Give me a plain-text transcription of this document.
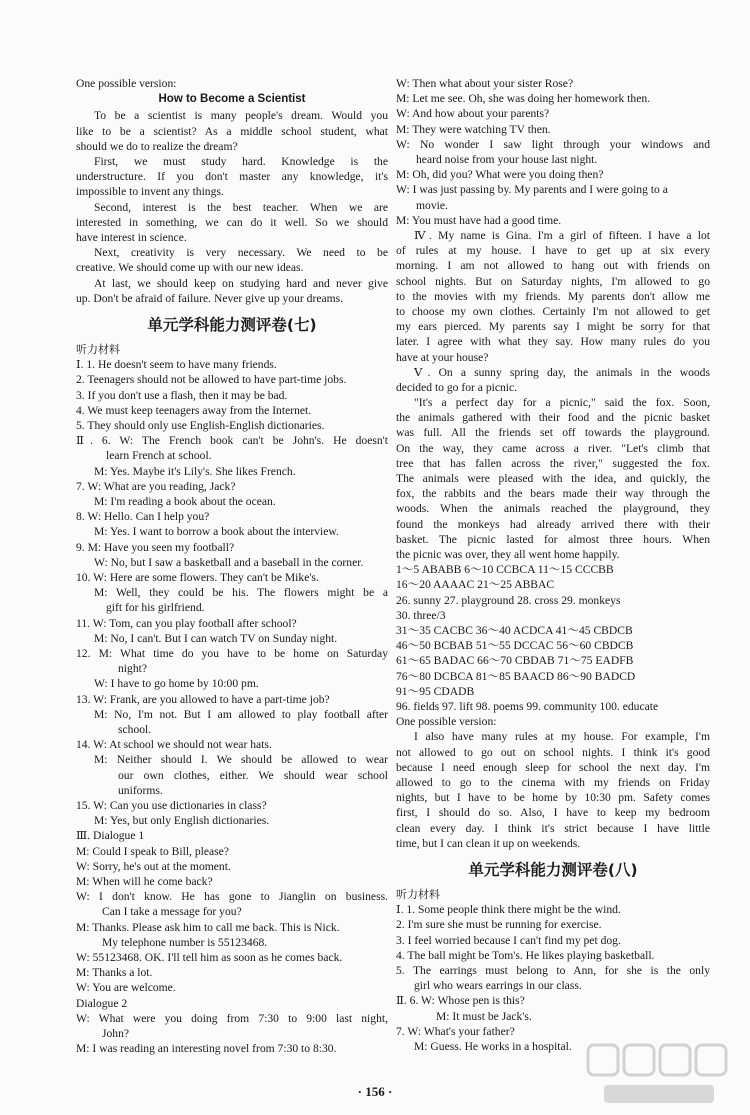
One possible version:
How to Become a Scientist
To be a scientist is many people's dream. Would you
like to be a scientist? As a middle school student, what
should we do to realize the dream?
First, we must study hard. Knowledge is the
understructure. If you don't master any knowledge, it's
impossible to invent any things.
Second, interest is the best teacher. When we are
interested in something, we can do it well. So we should
have interest in science.
Next, creativity is very necessary. We need to be
creative. We should come up with our new ideas.
At last, we should keep on studying hard and never give
up. Don't be afraid of failure. Never give up your dreams.
单元学科能力测评卷(七)
听力材料
Ⅰ. 1. He doesn't seem to have many friends.
2. Teenagers should not be allowed to have part-time jobs.
3. If you don't use a flash, then it may be bad.
4. We must keep teenagers away from the Internet.
5. They should only use English-English dictionaries.
Ⅱ. 6. W: The French book can't be John's. He doesn't
learn French at school.
M: Yes. Maybe it's Lily's. She likes French.
7. W: What are you reading, Jack?
M: I'm reading a book about the ocean.
8. W: Hello. Can I help you?
M: Yes. I want to borrow a book about the interview.
9. M: Have you seen my football?
W: No, but I saw a basketball and a baseball in the corner.
10. W: Here are some flowers. They can't be Mike's.
M: Well, they could be his. The flowers might be a
gift for his girlfriend.
11. W: Tom, can you play football after school?
M: No, I can't. But I can watch TV on Sunday night.
12. M: What time do you have to be home on Saturday
night?
W: I have to go home by 10:00 pm.
13. W: Frank, are you allowed to have a part-time job?
M: No, I'm not. But I am allowed to play football after
school.
14. W: At school we should not wear hats.
M: Neither should I. We should be allowed to wear
our own clothes, either. We should wear school
uniforms.
15. W: Can you use dictionaries in class?
M: Yes, but only English dictionaries.
Ⅲ. Dialogue 1
M: Could I speak to Bill, please?
W: Sorry, he's out at the moment.
M: When will he come back?
W: I don't know. He has gone to Jianglin on business.
Can I take a message for you?
M: Thanks. Please ask him to call me back. This is Nick.
My telephone number is 55123468.
W: 55123468. OK. I'll tell him as soon as he comes back.
M: Thanks a lot.
W: You are welcome.
Dialogue 2
W: What were you doing from 7:30 to 9:00 last night,
John?
M: I was reading an interesting novel from 7:30 to 8:30.
W: Then what about your sister Rose?
M: Let me see. Oh, she was doing her homework then.
W: And how about your parents?
M: They were watching TV then.
W: No wonder I saw light through your windows and
heard noise from your house last night.
M: Oh, did you? What were you doing then?
W: I was just passing by. My parents and I were going to a
movie.
M: You must have had a good time.
Ⅳ. My name is Gina. I'm a girl of fifteen. I have a lot
of rules at my house. I have to get up at six every
morning. I am not allowed to hang out with friends on
school nights. But on Saturday nights, I'm allowed to go
to the movies with my friends. My parents don't allow me
to choose my own clothes. Certainly I'm not allowed to get
my ears pierced. My parents say I might be sorry for that
later. I agree with what they say. How many rules do you
have at your house?
Ⅴ. On a sunny spring day, the animals in the woods
decided to go for a picnic.
"It's a perfect day for a picnic," said the fox. Soon,
the animals gathered with their food and the picnic basket
was full. All the friends set off towards the playground.
On the way, they came across a river. "Let's climb that
tree that has fallen across the river," suggested the fox.
The animals were pleased with the idea, and quickly, the
fox, the rabbits and the bears made their way through the
woods. When the animals reached the playground, they
found the monkeys had already arrived there with their
basket. The picnic lasted for almost three hours. When
the picnic was over, they all went home happily.
1～5 ABABB 6～10 CCBCA 11～15 CCCBB
16～20 AAAAC 21～25 ABBAC
26. sunny 27. playground 28. cross 29. monkeys
30. three/3
31～35 CACBC 36～40 ACDCA 41～45 CBDCB
46～50 BCBAB 51～55 DCCAC 56～60 CBDCB
61～65 BADAC 66～70 CBDAB 71～75 EADFB
76～80 DCBCA 81～85 BAACD 86～90 BADCD
91～95 CDADB
96. fields 97. lift 98. poems 99. community 100. educate
One possible version:
I also have many rules at my house. For example, I'm
not allowed to go out on school nights. I think it's good
because I need enough sleep for school the next day. I'm
allowed to go to the cinema with my friends on Friday
nights, but I have to be home by 10:30 pm. Safety comes
first, I should do so. Also, I have to keep my bedroom
clean every day. I think it's strict because I have little
time, but I can clean it up on weekends.
单元学科能力测评卷(八)
听力材料
Ⅰ. 1. Some people think there might be the wind.
2. I'm sure she must be running for exercise.
3. I feel worried because I can't find my pet dog.
4. The ball might be Tom's. He likes playing basketball.
5. The earrings must belong to Ann, for she is the only
girl who wears earrings in our class.
Ⅱ. 6. W: Whose pen is this?
M: It must be Jack's.
7. W: What's your father?
M: Guess. He works in a hospital.
· 156 ·
